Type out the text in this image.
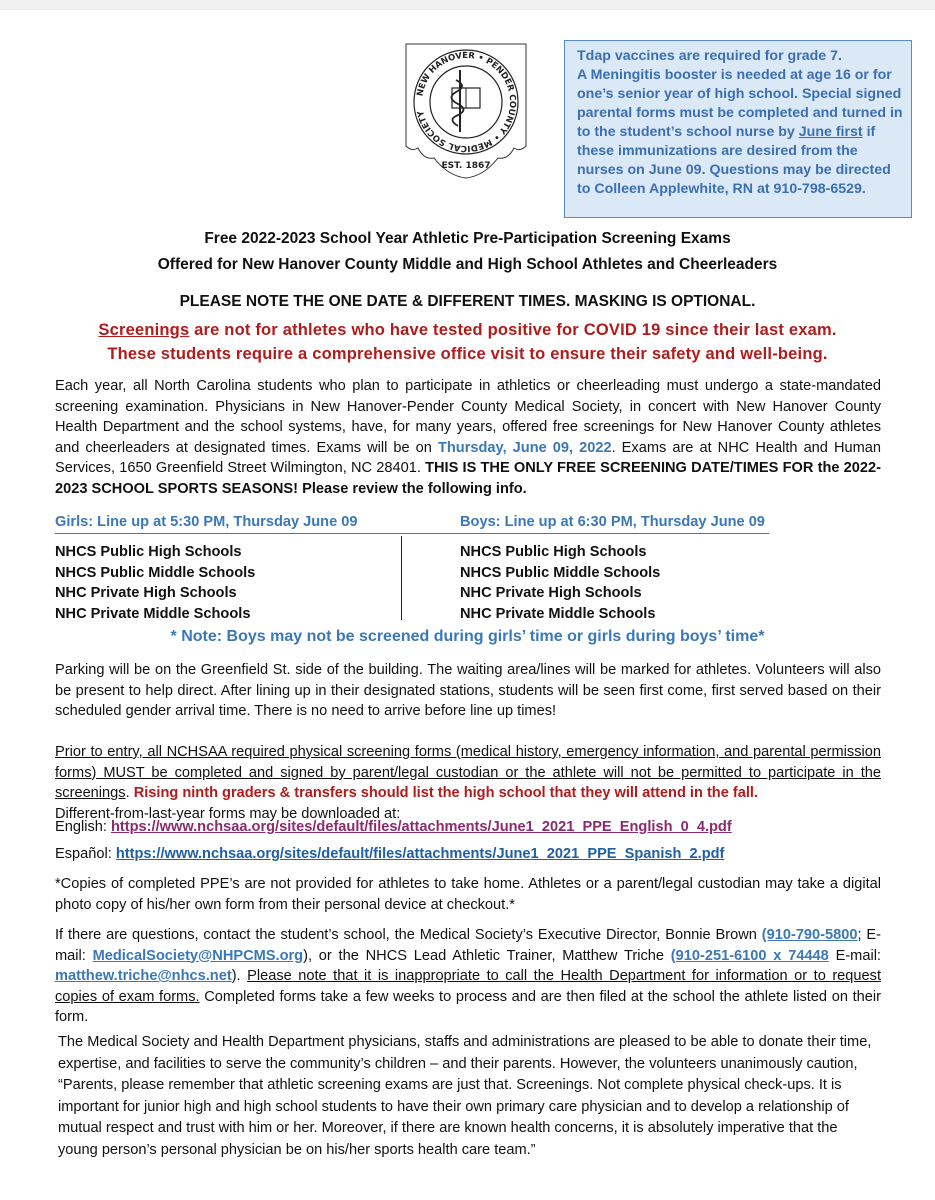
NEW HANOVER • PENDER COUNTY • MEDICAL SOCIETY
EST. 1867
Tdap vaccines are required for grade 7.
A Meningitis booster is needed at age 16 or for one’s senior year of high school. Special signed parental forms must be completed and turned in to the student’s school nurse by June first if these immunizations are desired from the nurses on June 09. Questions may be directed to Colleen Applewhite, RN at 910-798-6529.
Free 2022-2023 School Year Athletic Pre-Participation Screening Exams
Offered for New Hanover County Middle and High School Athletes and Cheerleaders
PLEASE NOTE THE ONE DATE & DIFFERENT TIMES. MASKING IS OPTIONAL.
Screenings are not for athletes who have tested positive for COVID 19 since their last exam.
These students require a comprehensive office visit to ensure their safety and well-being.
Each year, all North Carolina students who plan to participate in athletics or cheerleading must undergo a state-mandated screening examination. Physicians in New Hanover-Pender County Medical Society, in concert with New Hanover County Health Department and the school systems, have, for many years, offered free screenings for New Hanover County athletes and cheerleaders at designated times. Exams will be on Thursday, June 09, 2022. Exams are at NHC Health and Human Services, 1650 Greenfield Street Wilmington, NC 28401. THIS IS THE ONLY FREE SCREENING DATE/TIMES FOR the 2022-2023 SCHOOL SPORTS SEASONS! Please review the following info.
Girls: Line up at 5:30 PM, Thursday June 09	Boys: Line up at 6:30 PM, Thursday June 09
NHCS Public High Schools
NHCS Public Middle Schools
NHC Private High Schools
NHC Private Middle Schools
NHCS Public High Schools
NHCS Public Middle Schools
NHC Private High Schools
NHC Private Middle Schools
* Note: Boys may not be screened during girls’ time or girls during boys’ time*
Parking will be on the Greenfield St. side of the building. The waiting area/lines will be marked for athletes. Volunteers will also be present to help direct. After lining up in their designated stations, students will be seen first come, first served based on their scheduled gender arrival time. There is no need to arrive before line up times!
Prior to entry, all NCHSAA required physical screening forms (medical history, emergency information, and parental permission forms) MUST be completed and signed by parent/legal custodian or the athlete will not be permitted to participate in the screenings. Rising ninth graders & transfers should list the high school that they will attend in the fall.
Different-from-last-year forms may be downloaded at:
English: https://www.nchsaa.org/sites/default/files/attachments/June1_2021_PPE_English_0_4.pdf
Español: https://www.nchsaa.org/sites/default/files/attachments/June1_2021_PPE_Spanish_2.pdf
*Copies of completed PPE’s are not provided for athletes to take home. Athletes or a parent/legal custodian may take a digital photo copy of his/her own form from their personal device at checkout.*
If there are questions, contact the student’s school, the Medical Society’s Executive Director, Bonnie Brown (910-790-5800; E-mail: MedicalSociety@NHPCMS.org), or the NHCS Lead Athletic Trainer, Matthew Triche (910-251-6100 x 74448 E-mail: matthew.triche@nhcs.net). Please note that it is inappropriate to call the Health Department for information or to request copies of exam forms. Completed forms take a few weeks to process and are then filed at the school the athlete listed on their form.
The Medical Society and Health Department physicians, staffs and administrations are pleased to be able to donate their time, expertise, and facilities to serve the community’s children – and their parents. However, the volunteers unanimously caution, “Parents, please remember that athletic screening exams are just that. Screenings. Not complete physical check-ups. It is important for junior high and high school students to have their own primary care physician and to develop a relationship of mutual respect and trust with him or her. Moreover, if there are known health concerns, it is absolutely imperative that the young person’s personal physician be on his/her sports health care team.”
